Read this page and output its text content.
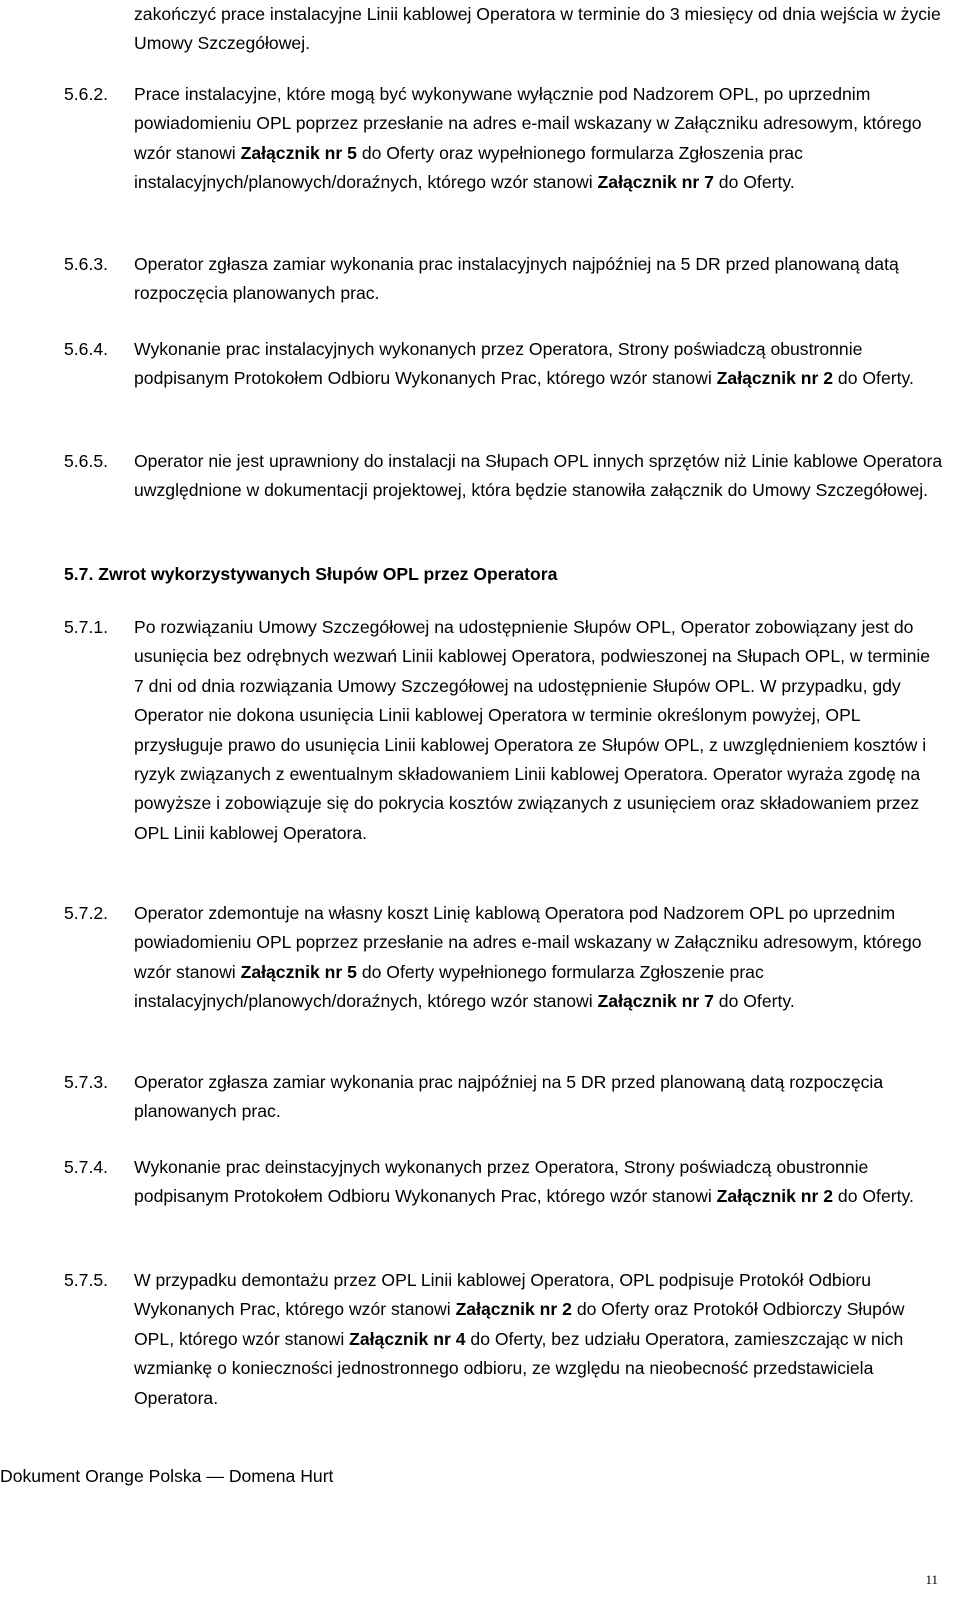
zakończyć prace instalacyjne Linii kablowej Operatora w terminie do 3 miesięcy od dnia wejścia w życie Umowy Szczegółowej.
5.6.2. Prace instalacyjne, które mogą być wykonywane wyłącznie pod Nadzorem OPL, po uprzednim powiadomieniu OPL poprzez przesłanie na adres e-mail wskazany w Załączniku adresowym, którego wzór stanowi Załącznik nr 5 do Oferty oraz wypełnionego formularza Zgłoszenia prac instalacyjnych/planowych/doraźnych, którego wzór stanowi Załącznik nr 7 do Oferty.
5.6.3. Operator zgłasza zamiar wykonania prac instalacyjnych najpóźniej na 5 DR przed planowaną datą rozpoczęcia planowanych prac.
5.6.4. Wykonanie prac instalacyjnych wykonanych przez Operatora, Strony poświadczą obustronnie podpisanym Protokołem Odbioru Wykonanych Prac, którego wzór stanowi Załącznik nr 2 do Oferty.
5.6.5. Operator nie jest uprawniony do instalacji na Słupach OPL innych sprzętów niż Linie kablowe Operatora uwzględnione w dokumentacji projektowej, która będzie stanowiła załącznik do Umowy Szczegółowej.
5.7. Zwrot wykorzystywanych Słupów OPL przez Operatora
5.7.1. Po rozwiązaniu Umowy Szczegółowej na udostępnienie Słupów OPL, Operator zobowiązany jest do usunięcia bez odrębnych wezwań Linii kablowej Operatora, podwieszonej na Słupach OPL, w terminie 7 dni od dnia rozwiązania Umowy Szczegółowej na udostępnienie Słupów OPL. W przypadku, gdy Operator nie dokona usunięcia Linii kablowej Operatora w terminie określonym powyżej, OPL przysługuje prawo do usunięcia Linii kablowej Operatora ze Słupów OPL, z uwzględnieniem kosztów i ryzyk związanych z ewentualnym składowaniem Linii kablowej Operatora. Operator wyraża zgodę na powyższe i zobowiązuje się do pokrycia kosztów związanych z usunięciem oraz składowaniem przez OPL Linii kablowej Operatora.
5.7.2. Operator zdemontuje na własny koszt Linię kablową Operatora pod Nadzorem OPL po uprzednim powiadomieniu OPL poprzez przesłanie na adres e-mail wskazany w Załączniku adresowym, którego wzór stanowi Załącznik nr 5 do Oferty wypełnionego formularza Zgłoszenie prac instalacyjnych/planowych/doraźnych, którego wzór stanowi Załącznik nr 7 do Oferty.
5.7.3. Operator zgłasza zamiar wykonania prac najpóźniej na 5 DR przed planowaną datą rozpoczęcia planowanych prac.
5.7.4. Wykonanie prac deinstacyjnych wykonanych przez Operatora, Strony poświadczą obustronnie podpisanym Protokołem Odbioru Wykonanych Prac, którego wzór stanowi Załącznik nr 2 do Oferty.
5.7.5. W przypadku demontażu przez OPL Linii kablowej Operatora, OPL podpisuje Protokół Odbioru Wykonanych Prac, którego wzór stanowi Załącznik nr 2 do Oferty oraz Protokół Odbiorczy Słupów OPL, którego wzór stanowi Załącznik nr 4 do Oferty, bez udziału Operatora, zamieszczając w nich wzmiankę o konieczności jednostronnego odbioru, ze względu na nieobecność przedstawiciela Operatora.
Dokument Orange Polska — Domena Hurt
11
